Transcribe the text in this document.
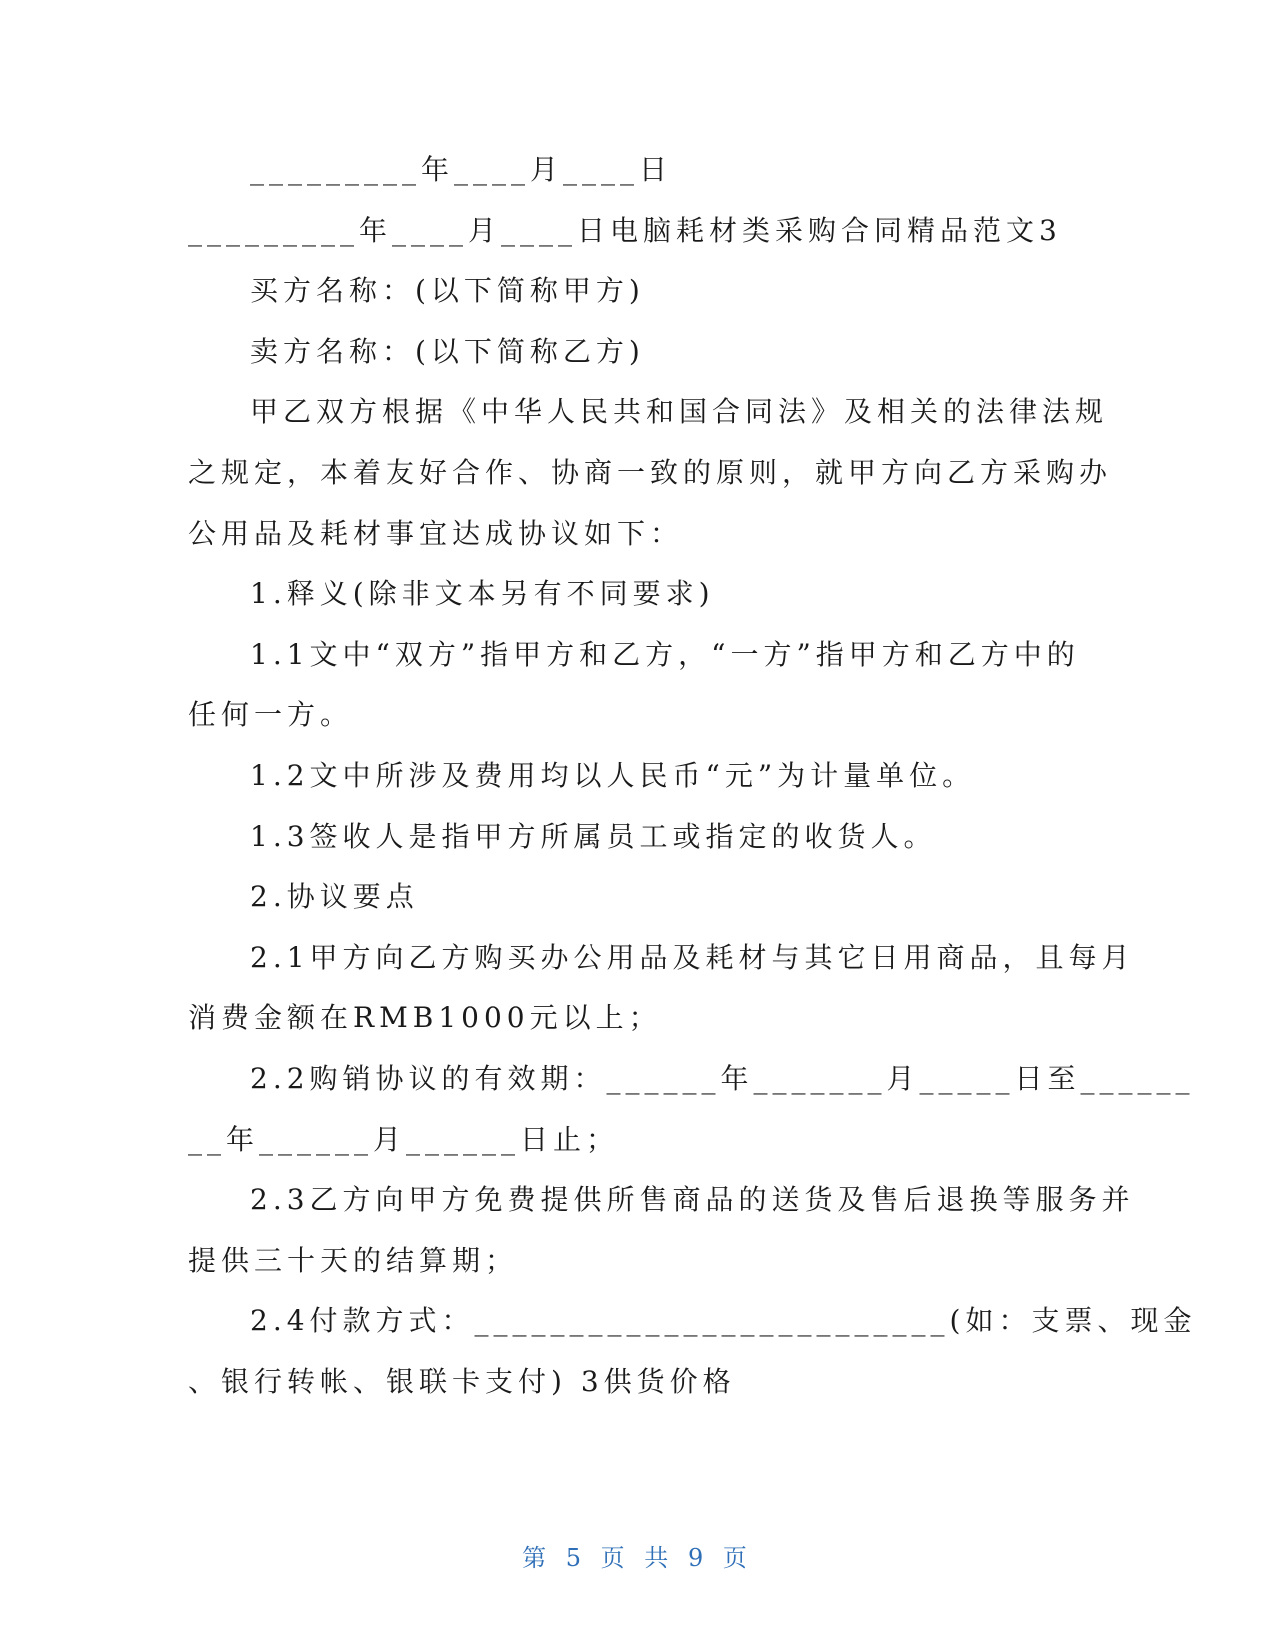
_________年____月____日
_________年____月____日电脑耗材类采购合同精品范文3
买方名称：(以下简称甲方)
卖方名称：(以下简称乙方)
甲乙双方根据《中华人民共和国合同法》及相关的法律法规
之规定，本着友好合作、协商一致的原则，就甲方向乙方采购办
公用品及耗材事宜达成协议如下：
1.释义(除非文本另有不同要求)
1.1文中“双方”指甲方和乙方，“一方”指甲方和乙方中的
任何一方。
1.2文中所涉及费用均以人民币“元”为计量单位。
1.3签收人是指甲方所属员工或指定的收货人。
2.协议要点
2.1甲方向乙方购买办公用品及耗材与其它日用商品，且每月
消费金额在RMB1000元以上；
2.2购销协议的有效期：______年_______月_____日至______
__年______月______日止；
2.3乙方向甲方免费提供所售商品的送货及售后退换等服务并
提供三十天的结算期；
2.4付款方式：_________________________(如：支票、现金
、银行转帐、银联卡支付) 3供货价格
第 5 页 共 9 页
